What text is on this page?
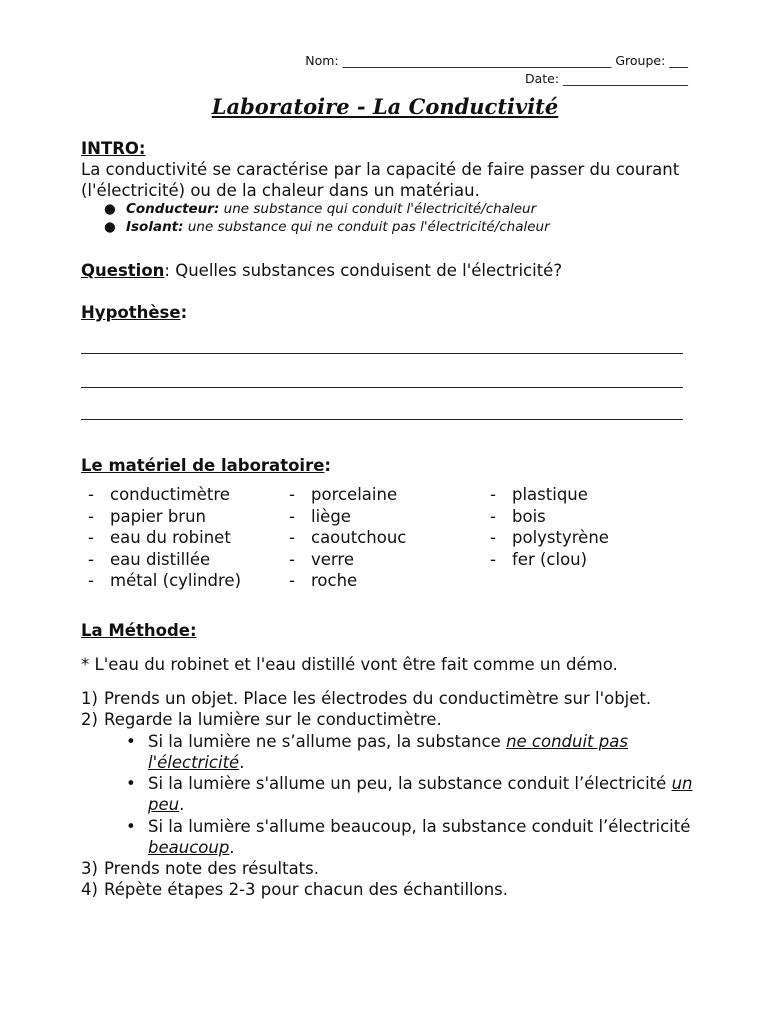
Nom: ___________________________________________ Groupe: ___
Date: ____________________
Laboratoire - La Conductivité
INTRO:
La conductivité se caractérise par la capacité de faire passer du courant (l'électricité) ou de la chaleur dans un matériau.
● Conducteur: une substance qui conduit l'électricité/chaleur
● Isolant: une substance qui ne conduit pas l'électricité/chaleur
Question: Quelles substances conduisent de l'électricité?
Hypothèse:
Le matériel de laboratoire:
- conductimètre
- papier brun
- eau du robinet
- eau distillée
- métal (cylindre)
- porcelaine
- liège
- caoutchouc
- verre
- roche
- plastique
- bois
- polystyrène
- fer (clou)
La Méthode:
* L'eau du robinet et l'eau distillé vont être fait comme un démo.
1) Prends un objet. Place les électrodes du conductimètre sur l'objet.
2) Regarde la lumière sur le conductimètre.
• Si la lumière ne s’allume pas, la substance ne conduit pas l'électricité.
• Si la lumière s'allume un peu, la substance conduit l’électricité un peu.
• Si la lumière s'allume beaucoup, la substance conduit l’électricité beaucoup.
3) Prends note des résultats.
4) Répète étapes 2-3 pour chacun des échantillons.
